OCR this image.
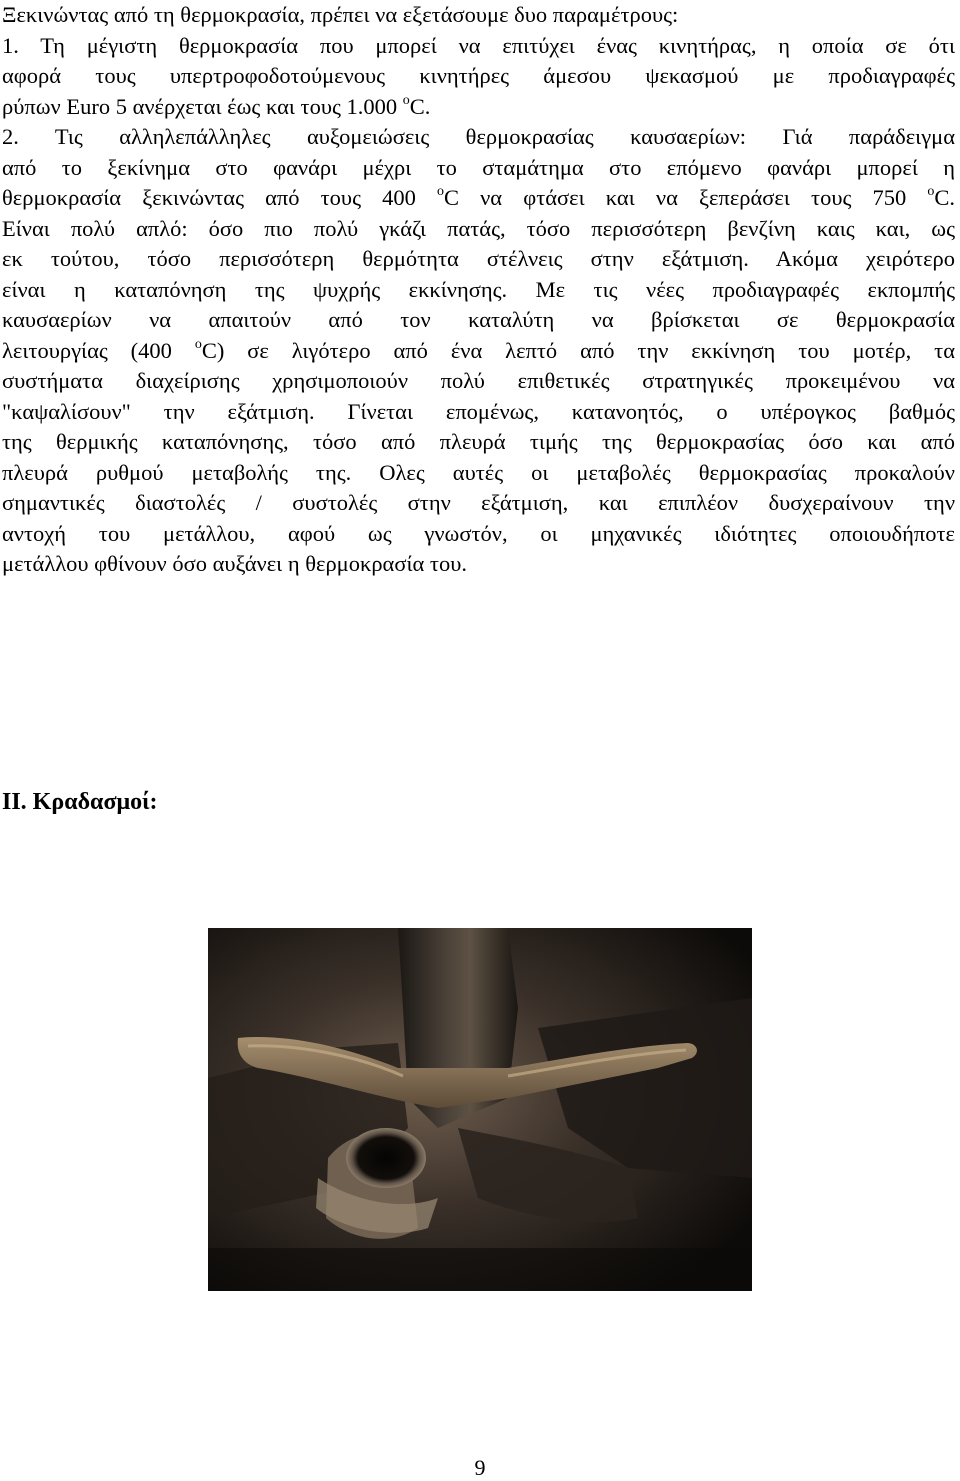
Ξεκινώντας από τη θερμοκρασία, πρέπει να εξετάσουμε δυο παραμέτρους:
1. Τη μέγιστη θερμοκρασία που μπορεί να επιτύχει ένας κινητήρας, η οποία σε ότι
αφορά τους υπερτροφοδοτούμενους κινητήρες άμεσου ψεκασμού με προδιαγραφές
ρύπων Euro 5 ανέρχεται έως και τους 1.000 $^o$C.
2. Τις αλληλεπάλληλες αυξομειώσεις θερμοκρασίας καυσαερίων: Γιά παράδειγμα
από το ξεκίνημα στο φανάρι μέχρι το σταμάτημα στο επόμενο φανάρι μπορεί η
θερμοκρασία ξεκινώντας από τους 400 $^o$C να φτάσει και να ξεπεράσει τους 750 $^o$C.
Είναι πολύ απλό: όσο πιο πολύ γκάζι πατάς, τόσο περισσότερη βενζίνη καις και, ως
εκ τούτου, τόσο περισσότερη θερμότητα στέλνεις στην εξάτμιση. Ακόμα χειρότερο
είναι η καταπόνηση της ψυχρής εκκίνησης. Με τις νέες προδιαγραφές εκπομπής
καυσαερίων να απαιτούν από τον καταλύτη να βρίσκεται σε θερμοκρασία
λειτουργίας (400 $^o$C) σε λιγότερο από ένα λεπτό από την εκκίνηση του μοτέρ, τα
συστήματα διαχείρισης χρησιμοποιούν πολύ επιθετικές στρατηγικές προκειμένου να
"καψαλίσουν" την εξάτμιση. Γίνεται επομένως, κατανοητός, ο υπέρογκος βαθμός
της θερμικής καταπόνησης, τόσο από πλευρά τιμής της θερμοκρασίας όσο και από
πλευρά ρυθμού μεταβολής της. Ολες αυτές οι μεταβολές θερμοκρασίας προκαλούν
σημαντικές διαστολές / συστολές στην εξάτμιση, και επιπλέον δυσχεραίνουν την
αντοχή του μετάλλου, αφού ως γνωστόν, οι μηχανικές ιδιότητες οποιουδήποτε
μετάλλου φθίνουν όσο αυξάνει η θερμοκρασία του.
II. Κραδασμοί:
9
